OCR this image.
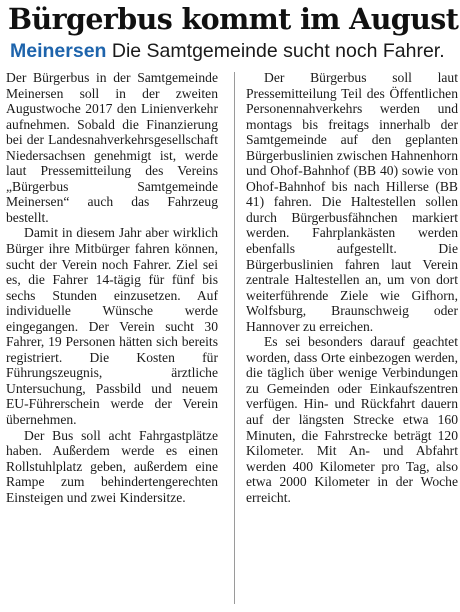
Bürgerbus kommt im August
Meinersen Die Samtgemeinde sucht noch Fahrer.

Der Bürgerbus in der Samtgemeinde Meinersen soll in der zweiten Augustwoche 2017 den Linienverkehr aufnehmen. Sobald die Finanzierung bei der Landesnahverkehrsgesellschaft Niedersachsen genehmigt ist, werde laut Pressemitteilung des Vereins „Bürgerbus Samtgemeinde Meinersen“ auch das Fahrzeug bestellt.

Damit in diesem Jahr aber wirklich Bürger ihre Mitbürger fahren können, sucht der Verein noch Fahrer. Ziel sei es, die Fahrer 14-tägig für fünf bis sechs Stunden einzusetzen. Auf individuelle Wünsche werde eingegangen. Der Verein sucht 30 Fahrer, 19 Personen hätten sich bereits registriert. Die Kosten für Führungszeugnis, ärztliche Untersuchung, Passbild und neuem EU-Führerschein werde der Verein übernehmen.

Der Bus soll acht Fahrgastplätze haben. Außerdem werde es einen Rollstuhlplatz geben, außerdem eine Rampe zum behindertengerechten Einsteigen und zwei Kindersitze.

Der Bürgerbus soll laut Pressemitteilung Teil des Öffentlichen Personennahverkehrs werden und montags bis freitags innerhalb der Samtgemeinde auf den geplanten Bürgerbuslinien zwischen Hahnenhorn und Ohof-Bahnhof (BB 40) sowie von Ohof-Bahnhof bis nach Hillerse (BB 41) fahren. Die Haltestellen sollen durch Bürgerbusfähnchen markiert werden. Fahrplankästen werden ebenfalls aufgestellt. Die Bürgerbuslinien fahren laut Verein zentrale Haltestellen an, um von dort weiterführende Ziele wie Gifhorn, Wolfsburg, Braunschweig oder Hannover zu erreichen.

Es sei besonders darauf geachtet worden, dass Orte einbezogen werden, die täglich über wenige Verbindungen zu Gemeinden oder Einkaufszentren verfügen. Hin- und Rückfahrt dauern auf der längsten Strecke etwa 160 Minuten, die Fahrstrecke beträgt 120 Kilometer. Mit An- und Abfahrt werden 400 Kilometer pro Tag, also etwa 2000 Kilometer in der Woche erreicht.
